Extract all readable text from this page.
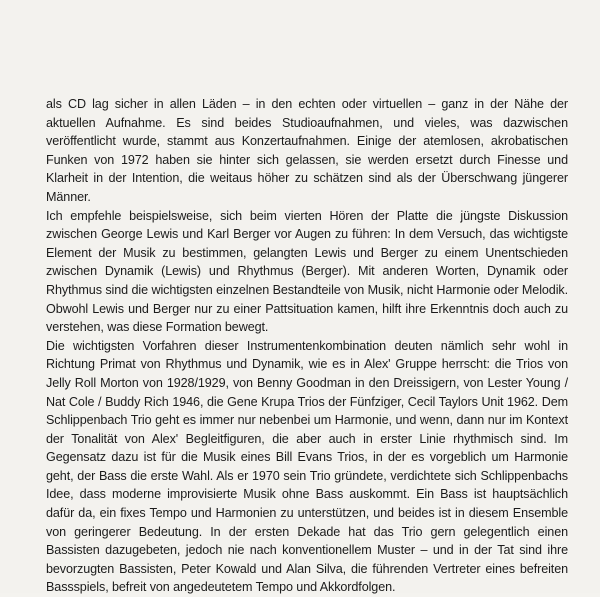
als CD lag sicher in allen Läden – in den echten oder virtuellen – ganz in der Nähe der aktuellen Aufnahme. Es sind beides Studioaufnahmen, und vieles, was dazwischen veröffentlicht wurde, stammt aus Konzertaufnahmen. Einige der atemlosen, akrobatischen Funken von 1972 haben sie hinter sich gelassen, sie werden ersetzt durch Finesse und Klarheit in der Intention, die weitaus höher zu schätzen sind als der Überschwang jüngerer Männer.

Ich empfehle beispielsweise, sich beim vierten Hören der Platte die jüngste Diskussion zwischen George Lewis und Karl Berger vor Augen zu führen: In dem Versuch, das wichtigste Element der Musik zu bestimmen, gelangten Lewis und Berger zu einem Unentschieden zwischen Dynamik (Lewis) und Rhythmus (Berger). Mit anderen Worten, Dynamik oder Rhythmus sind die wichtigsten einzelnen Bestandteile von Musik, nicht Harmonie oder Melodik. Obwohl Lewis und Berger nur zu einer Pattsituation kamen, hilft ihre Erkenntnis doch auch zu verstehen, was diese Formation bewegt.

Die wichtigsten Vorfahren dieser Instrumentenkombination deuten nämlich sehr wohl in Richtung Primat von Rhythmus und Dynamik, wie es in Alex' Gruppe herrscht: die Trios von Jelly Roll Morton von 1928/1929, von Benny Goodman in den Dreissigern, von Lester Young / Nat Cole / Buddy Rich 1946, die Gene Krupa Trios der Fünfziger, Cecil Taylors Unit 1962. Dem Schlippenbach Trio geht es immer nur nebenbei um Harmonie, und wenn, dann nur im Kontext der Tonalität von Alex' Begleitfiguren, die aber auch in erster Linie rhythmisch sind. Im Gegensatz dazu ist für die Musik eines Bill Evans Trios, in der es vorgeblich um Harmonie geht, der Bass die erste Wahl. Als er 1970 sein Trio gründete, verdichtete sich Schlippenbachs Idee, dass moderne improvisierte Musik ohne Bass auskommt. Ein Bass ist hauptsächlich dafür da, ein fixes Tempo und Harmonien zu unterstützen, und beides ist in diesem Ensemble von geringerer Bedeutung. In der ersten Dekade hat das Trio gern gelegentlich einen Bassisten dazugebeten, jedoch nie nach konventionellem Muster – und in der Tat sind ihre bevorzugten Bassisten, Peter Kowald und Alan Silva, die führenden Vertreter eines befreiten Bassspiels, befreit von angedeutetem Tempo und Akkordfolgen.
